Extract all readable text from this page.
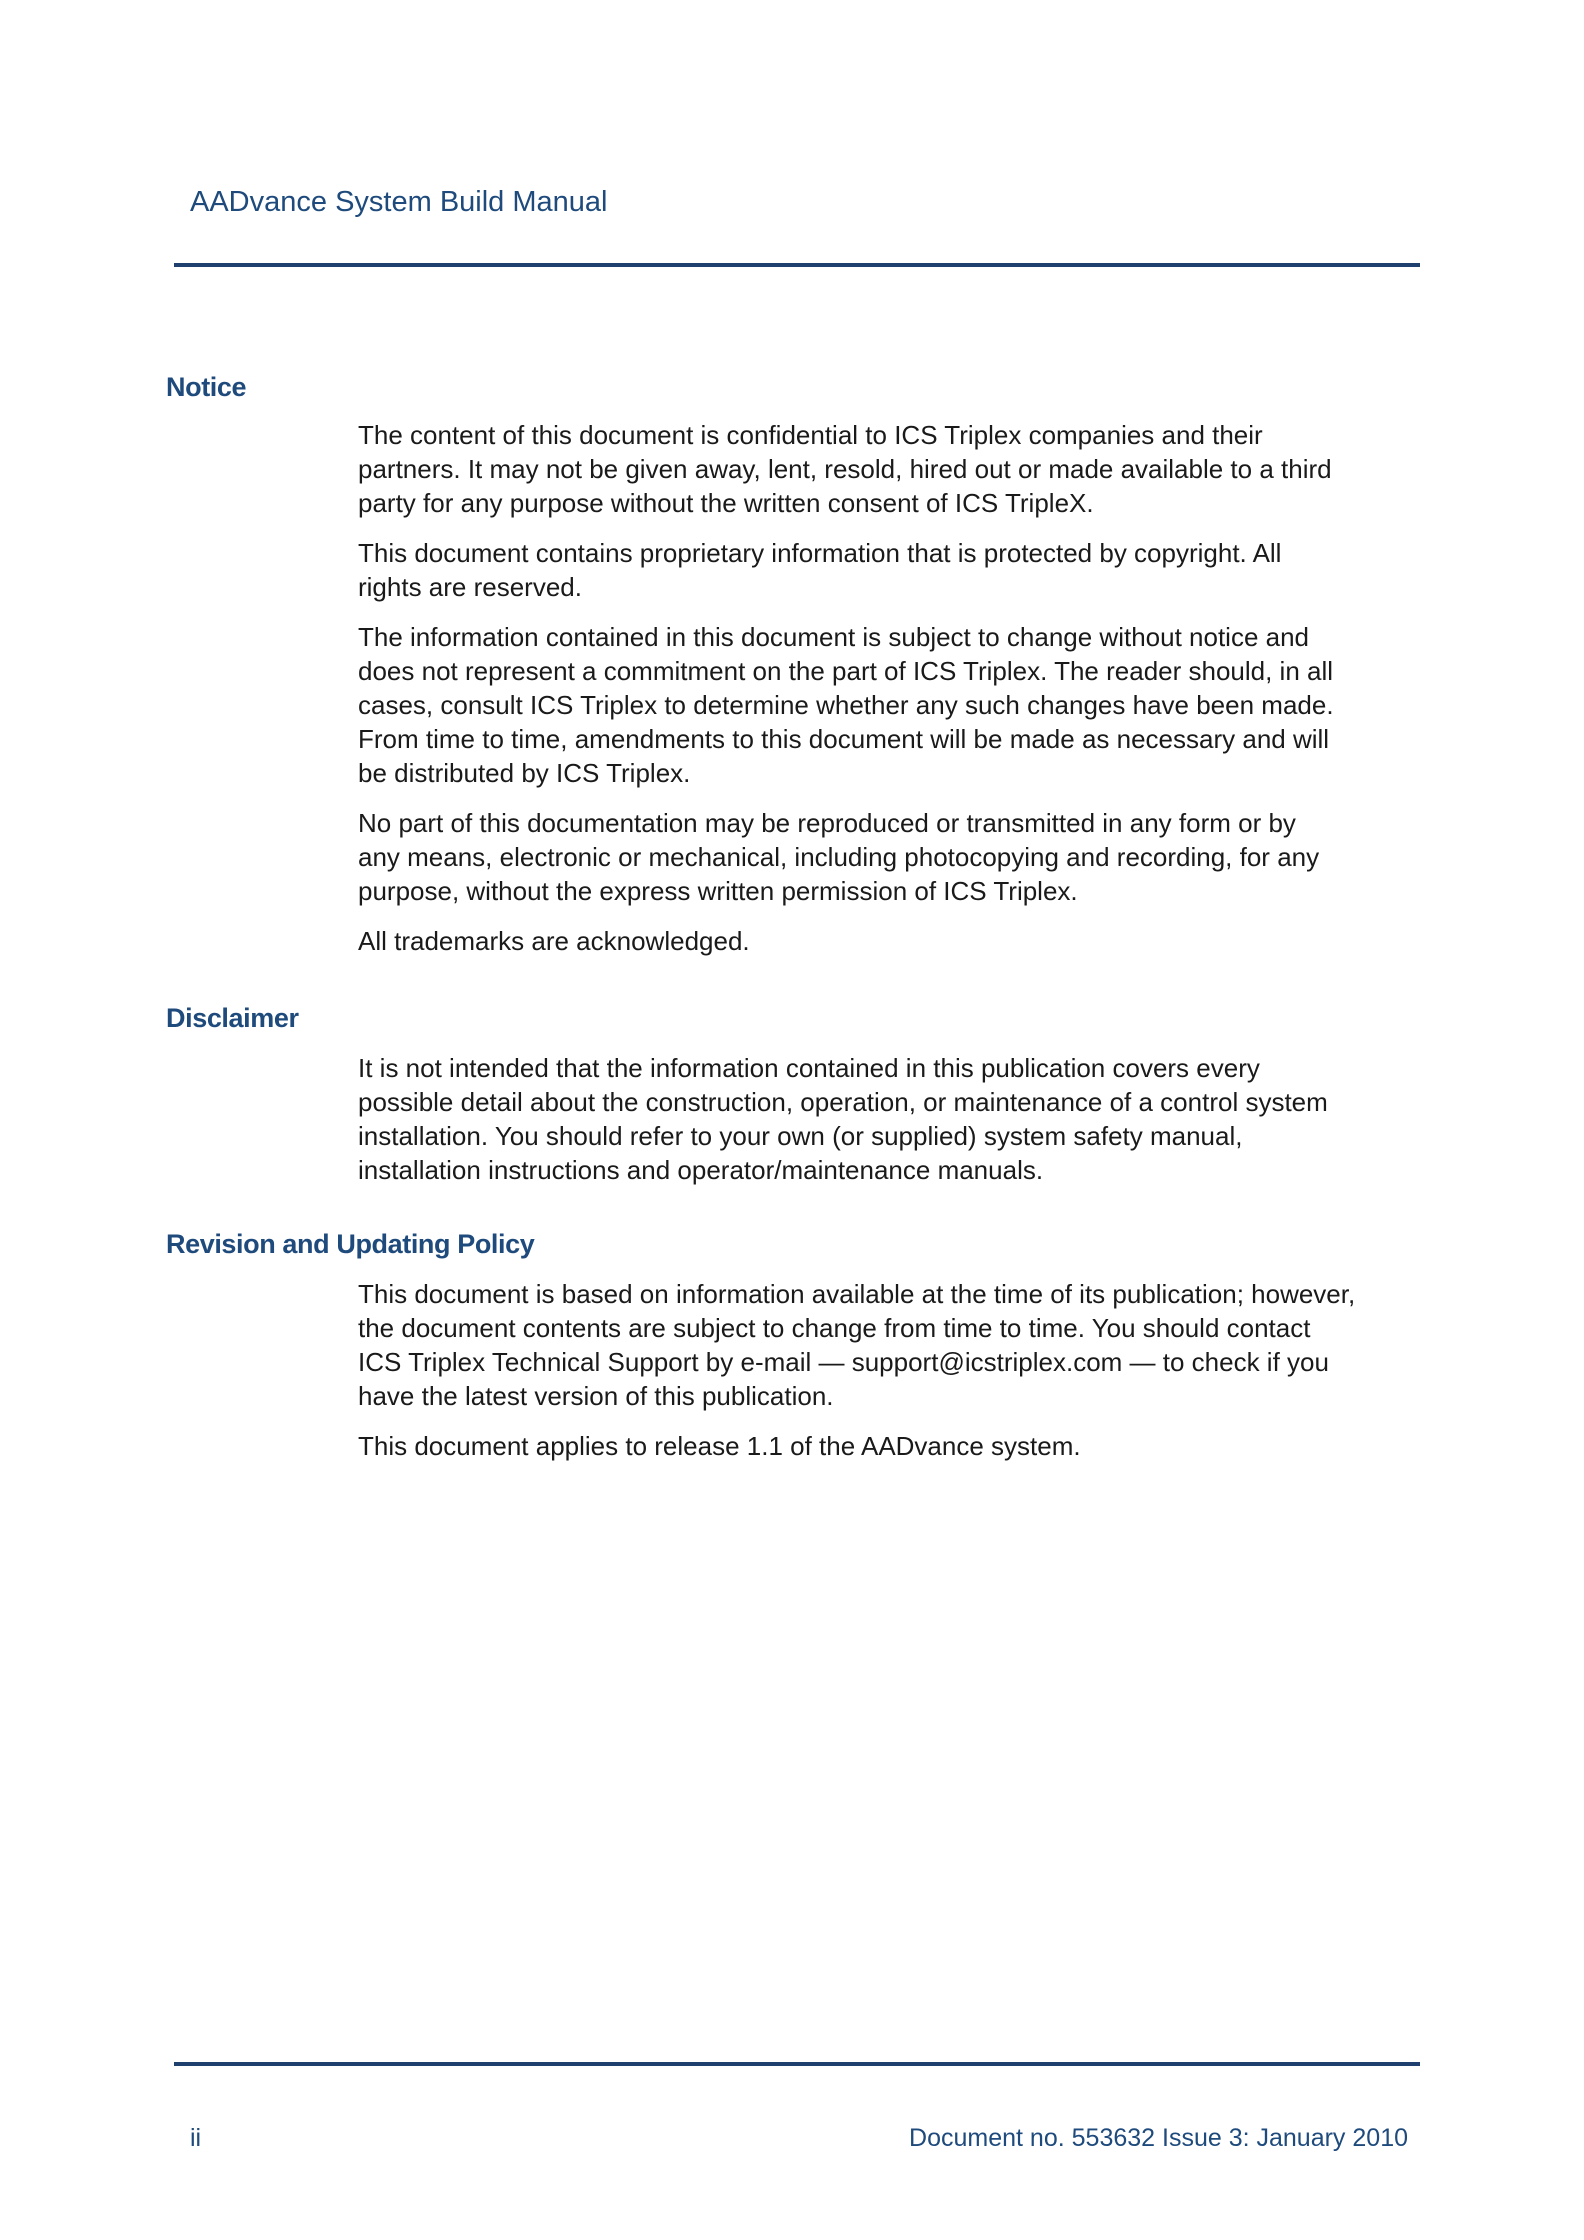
AADvance System Build Manual
Notice

The content of this document is confidential to ICS Triplex companies and their
partners. It may not be given away, lent, resold, hired out or made available to a third
party for any purpose without the written consent of ICS TripleX.

This document contains proprietary information that is protected by copyright. All
rights are reserved.

The information contained in this document is subject to change without notice and
does not represent a commitment on the part of ICS Triplex. The reader should, in all
cases, consult ICS Triplex to determine whether any such changes have been made.
From time to time, amendments to this document will be made as necessary and will
be distributed by ICS Triplex.

No part of this documentation may be reproduced or transmitted in any form or by
any means, electronic or mechanical, including photocopying and recording, for any
purpose, without the express written permission of ICS Triplex.

All trademarks are acknowledged.

Disclaimer

It is not intended that the information contained in this publication covers every
possible detail about the construction, operation, or maintenance of a control system
installation. You should refer to your own (or supplied) system safety manual,
installation instructions and operator/maintenance manuals.

Revision and Updating Policy

This document is based on information available at the time of its publication; however,
the document contents are subject to change from time to time. You should contact
ICS Triplex Technical Support by e-mail — support@icstriplex.com — to check if you
have the latest version of this publication.

This document applies to release 1.1 of the AADvance system.

ii	Document no. 553632 Issue 3: January 2010
